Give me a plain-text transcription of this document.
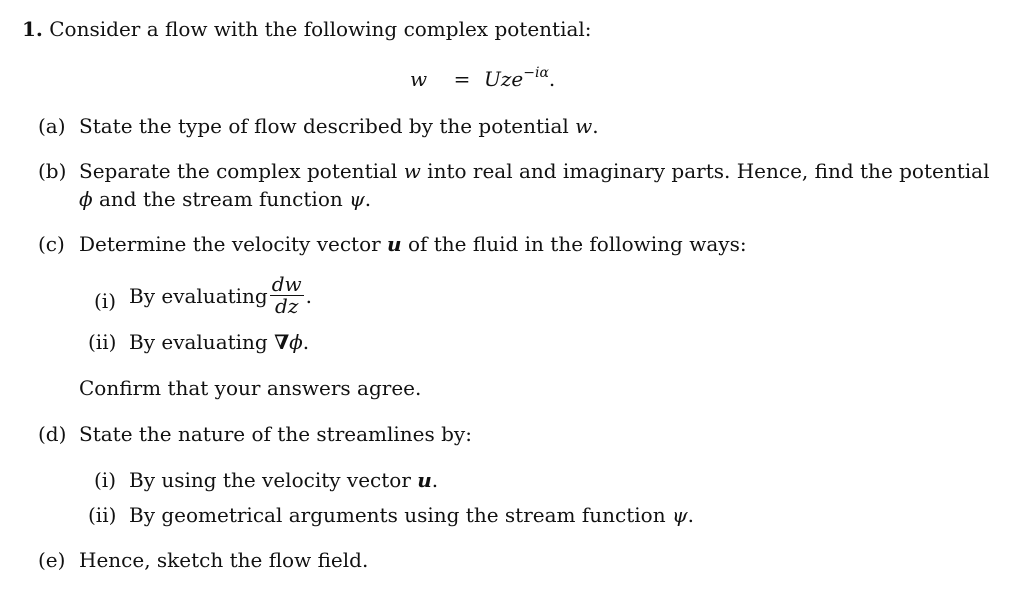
1. Consider a flow with the following complex potential:
w = Uze$^{-i\alpha}$.
(a) State the type of flow described by the potential w.
(b) Separate the complex potential w into real and imaginary parts. Hence, find the potential
ϕ and the stream function ψ.
(c) Determine the velocity vector u of the fluid in the following ways:
(i) By evaluating $\frac{dw}{dz}$ .
(ii) By evaluating ∇ϕ.
Confirm that your answers agree.
(d) State the nature of the streamlines by:
(i) By using the velocity vector u.
(ii) By geometrical arguments using the stream function ψ.
(e) Hence, sketch the flow field.
